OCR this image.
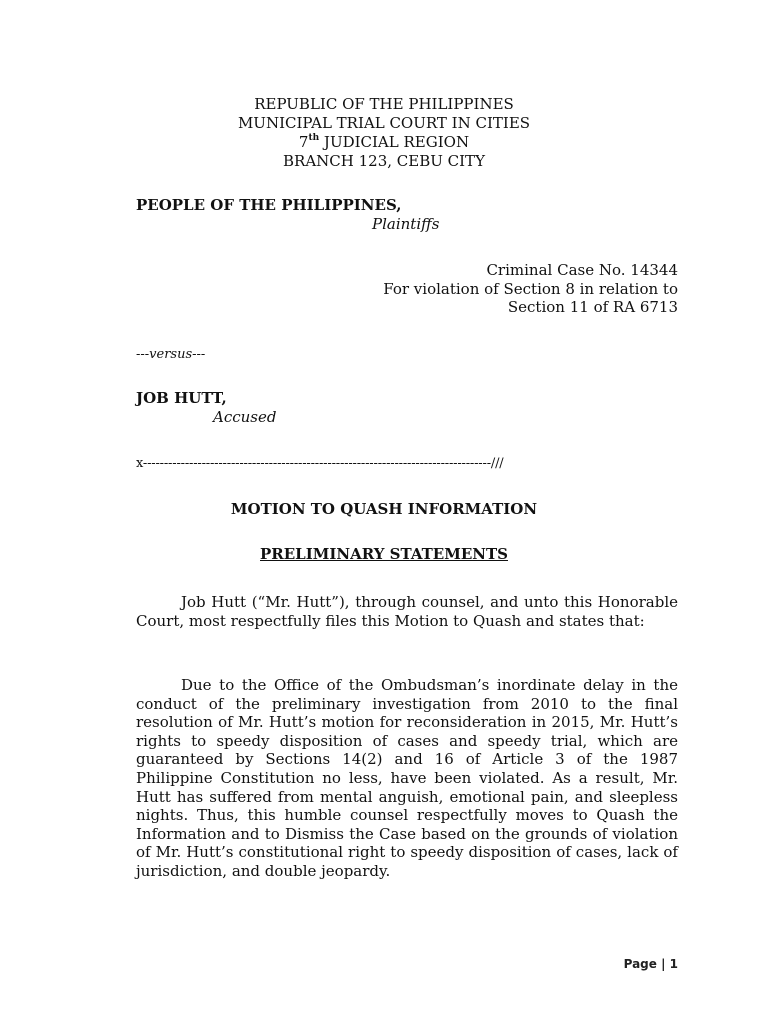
REPUBLIC OF THE PHILIPPINES
MUNICIPAL TRIAL COURT IN CITIES
7th JUDICIAL REGION
BRANCH 123, CEBU CITY
PEOPLE OF THE PHILIPPINES,
Plaintiffs
Criminal Case No. 14344
For violation of Section 8 in relation to
Section 11 of RA 6713
---versus---
JOB HUTT,
Accused
x-----------------------------------------------------------------------------------///
MOTION TO QUASH INFORMATION
PRELIMINARY STATEMENTS

Job Hutt (“Mr. Hutt”), through counsel, and unto this Honorable Court, most respectfully files this Motion to Quash and states that:

Due to the Office of the Ombudsman’s inordinate delay in the conduct of the preliminary investigation from 2010 to the final resolution of Mr. Hutt’s motion for reconsideration in 2015, Mr. Hutt’s rights to speedy disposition of cases and speedy trial, which are guaranteed by Sections 14(2) and 16 of Article 3 of the 1987 Philippine Constitution no less, have been violated. As a result, Mr. Hutt has suffered from mental anguish, emotional pain, and sleepless nights. Thus, this humble counsel respectfully moves to Quash the Information and to Dismiss the Case based on the grounds of violation of Mr. Hutt’s constitutional right to speedy disposition of cases, lack of jurisdiction, and double jeopardy.

Page | 1
